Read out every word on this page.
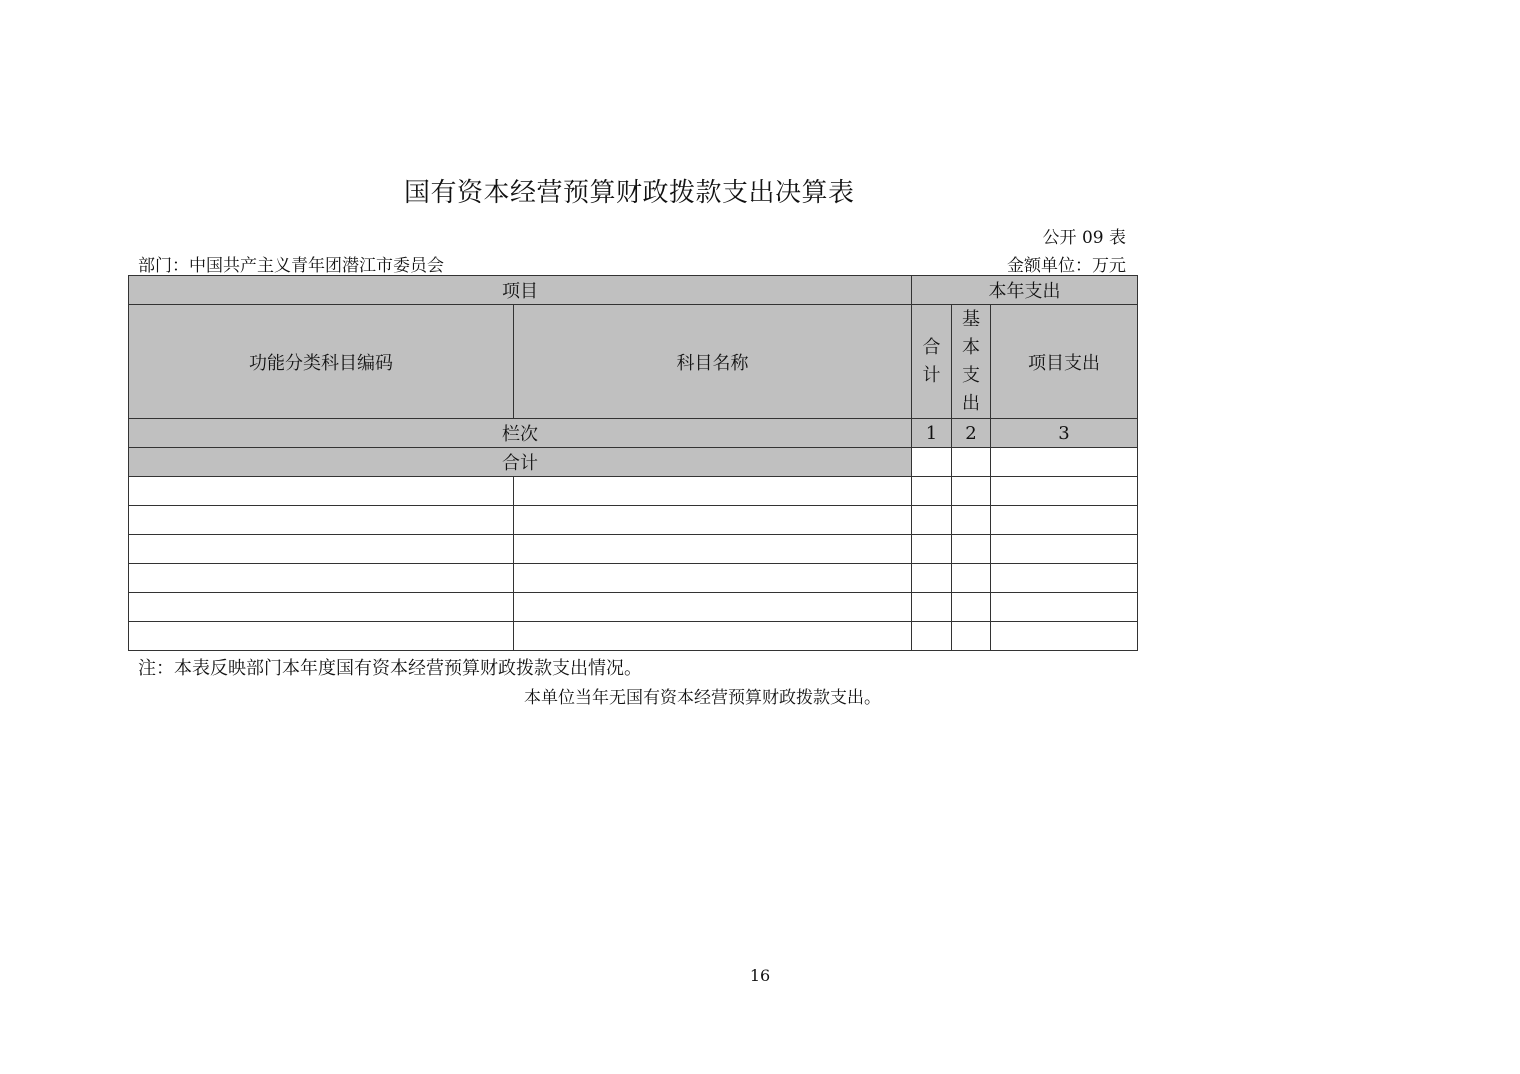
国有资本经营预算财政拨款支出决算表
公开 09 表
部门：中国共产主义青年团潜江市委员会	金额单位：万元
项目		本年支出		
功能分类科目编码	科目名称	合计	基本支出	项目支出
栏次		1	2	3
合计				

注：本表反映部门本年度国有资本经营预算财政拨款支出情况。
本单位当年无国有资本经营预算财政拨款支出。
16
